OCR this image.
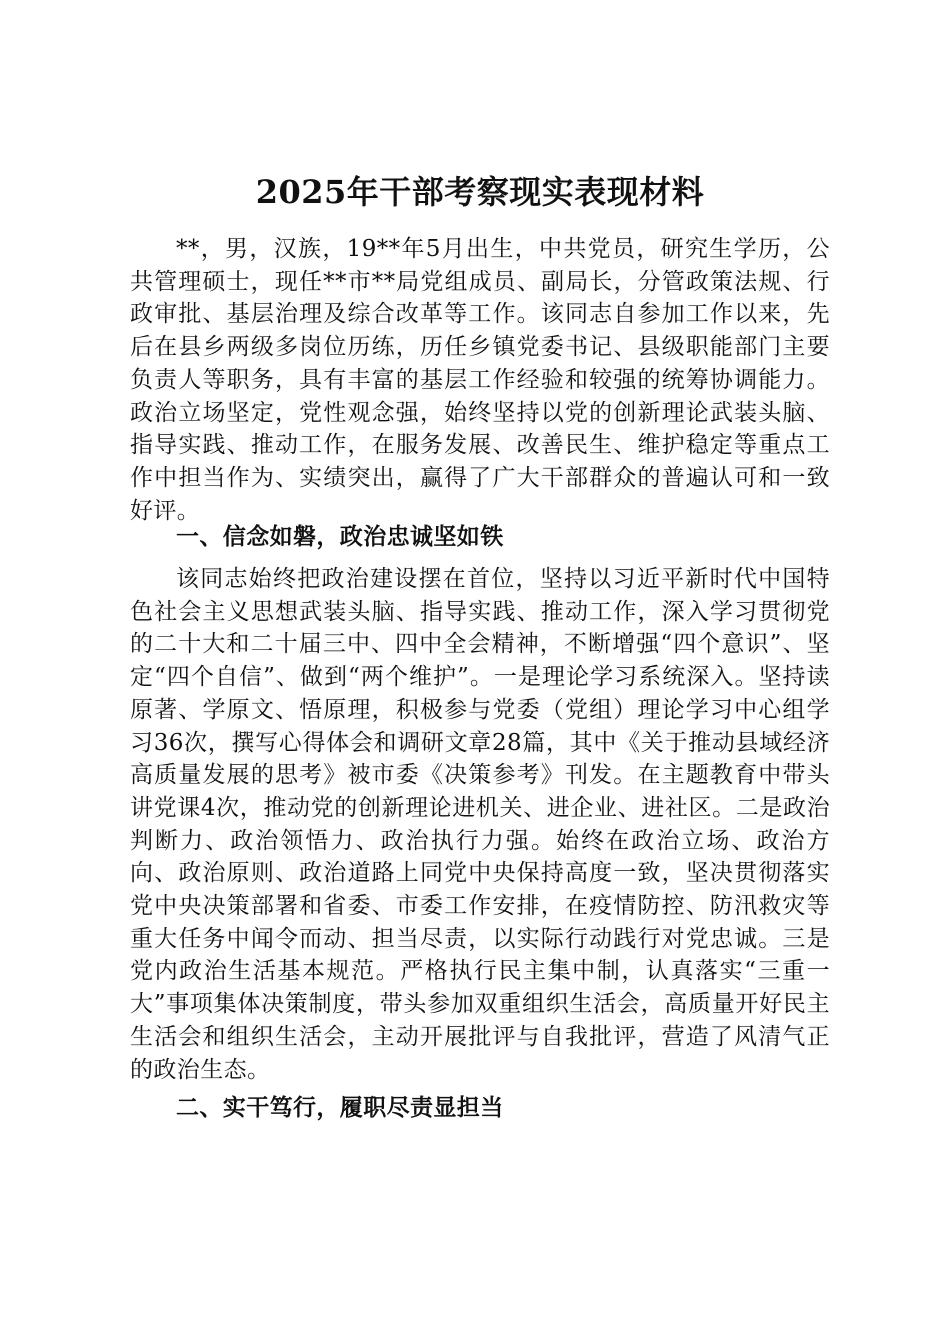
2025年干部考察现实表现材料

**，男，汉族，19**年5月出生，中共党员，研究生学历，公共管理硕士，现任**市**局党组成员、副局长，分管政策法规、行政审批、基层治理及综合改革等工作。该同志自参加工作以来，先后在县乡两级多岗位历练，历任乡镇党委书记、县级职能部门主要负责人等职务，具有丰富的基层工作经验和较强的统筹协调能力。政治立场坚定，党性观念强，始终坚持以党的创新理论武装头脑、指导实践、推动工作，在服务发展、改善民生、维护稳定等重点工作中担当作为、实绩突出，赢得了广大干部群众的普遍认可和一致好评。

一、信念如磐，政治忠诚坚如铁

该同志始终把政治建设摆在首位，坚持以习近平新时代中国特色社会主义思想武装头脑、指导实践、推动工作，深入学习贯彻党的二十大和二十届三中、四中全会精神，不断增强“四个意识”、坚定“四个自信”、做到“两个维护”。一是理论学习系统深入。坚持读原著、学原文、悟原理，积极参与党委（党组）理论学习中心组学习36次，撰写心得体会和调研文章28篇，其中《关于推动县域经济高质量发展的思考》被市委《决策参考》刊发。在主题教育中带头讲党课4次，推动党的创新理论进机关、进企业、进社区。二是政治判断力、政治领悟力、政治执行力强。始终在政治立场、政治方向、政治原则、政治道路上同党中央保持高度一致，坚决贯彻落实党中央决策部署和省委、市委工作安排，在疫情防控、防汛救灾等重大任务中闻令而动、担当尽责，以实际行动践行对党忠诚。三是党内政治生活基本规范。严格执行民主集中制，认真落实“三重一大”事项集体决策制度，带头参加双重组织生活会，高质量开好民主生活会和组织生活会，主动开展批评与自我批评，营造了风清气正的政治生态。

二、实干笃行，履职尽责显担当
